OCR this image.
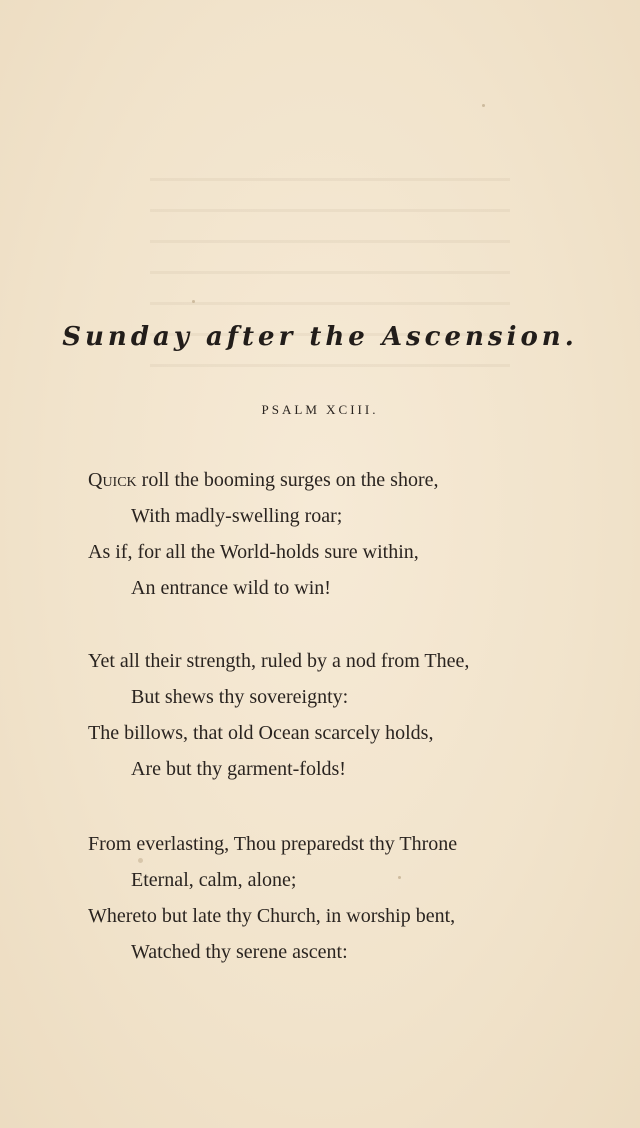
Sunday after the Ascension.
PSALM XCIII.
Quick roll the booming surges on the shore,
With madly-swelling roar;
As if, for all the World-holds sure within,
An entrance wild to win!
Yet all their strength, ruled by a nod from Thee,
But shews thy sovereignty:
The billows, that old Ocean scarcely holds,
Are but thy garment-folds!
From everlasting, Thou preparedst thy Throne
Eternal, calm, alone;
Whereto but late thy Church, in worship bent,
Watched thy serene ascent:
